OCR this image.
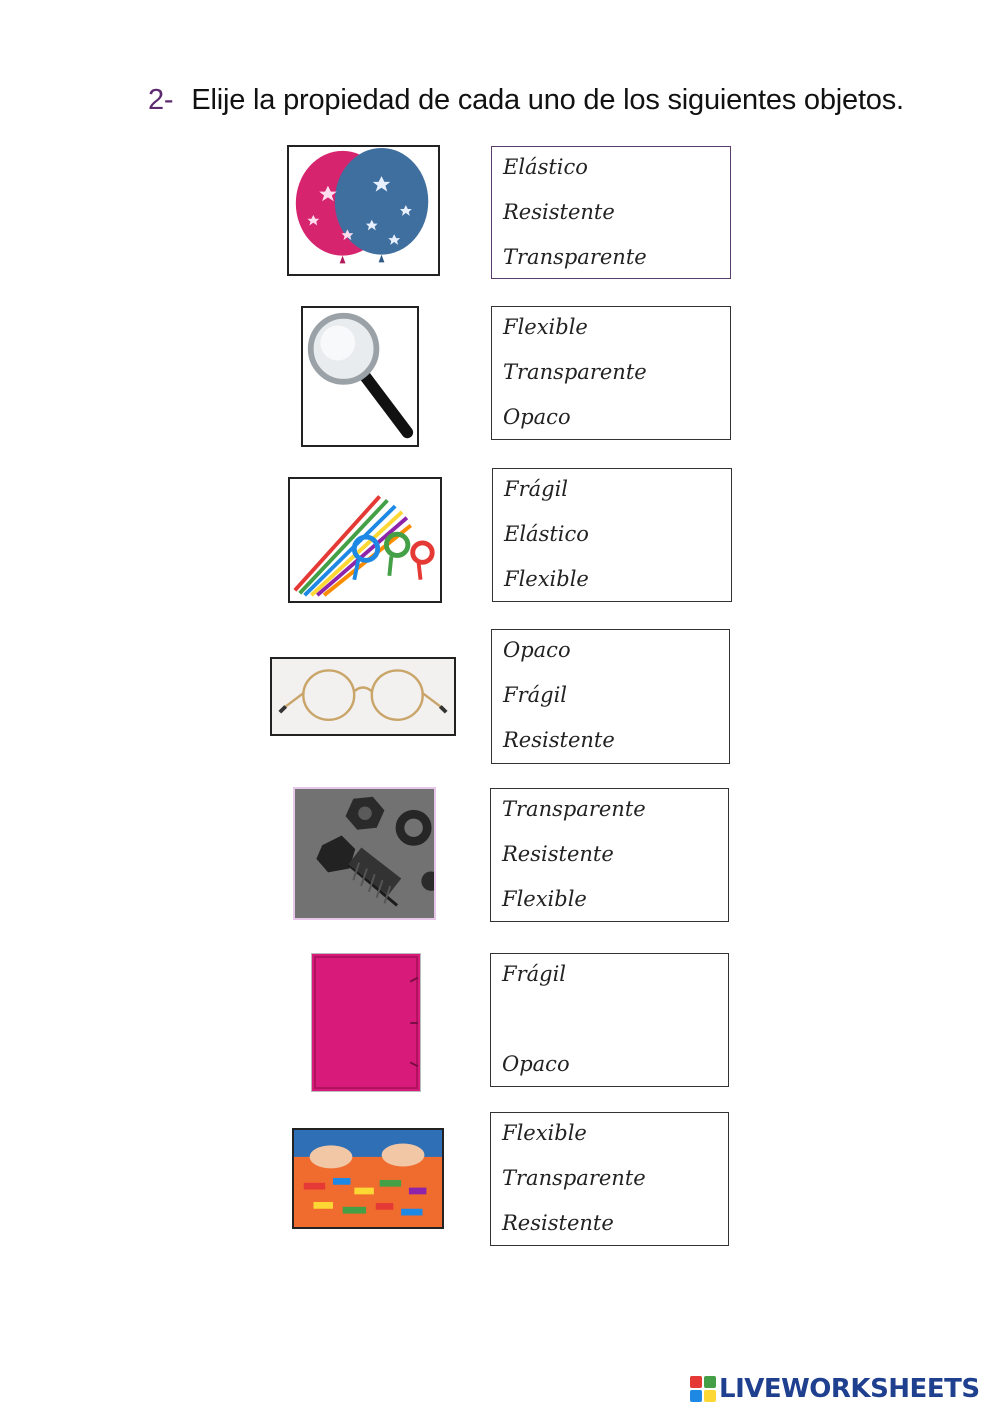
2- Elije la propiedad de cada uno de los siguientes objetos.
Elástico
Resistente
Transparente
Flexible
Transparente
Opaco
Frágil
Elástico
Flexible
Opaco
Frágil
Resistente
Transparente
Resistente
Flexible
Frágil
Opaco
Flexible
Transparente
Resistente
LIVEWORKSHEETS
